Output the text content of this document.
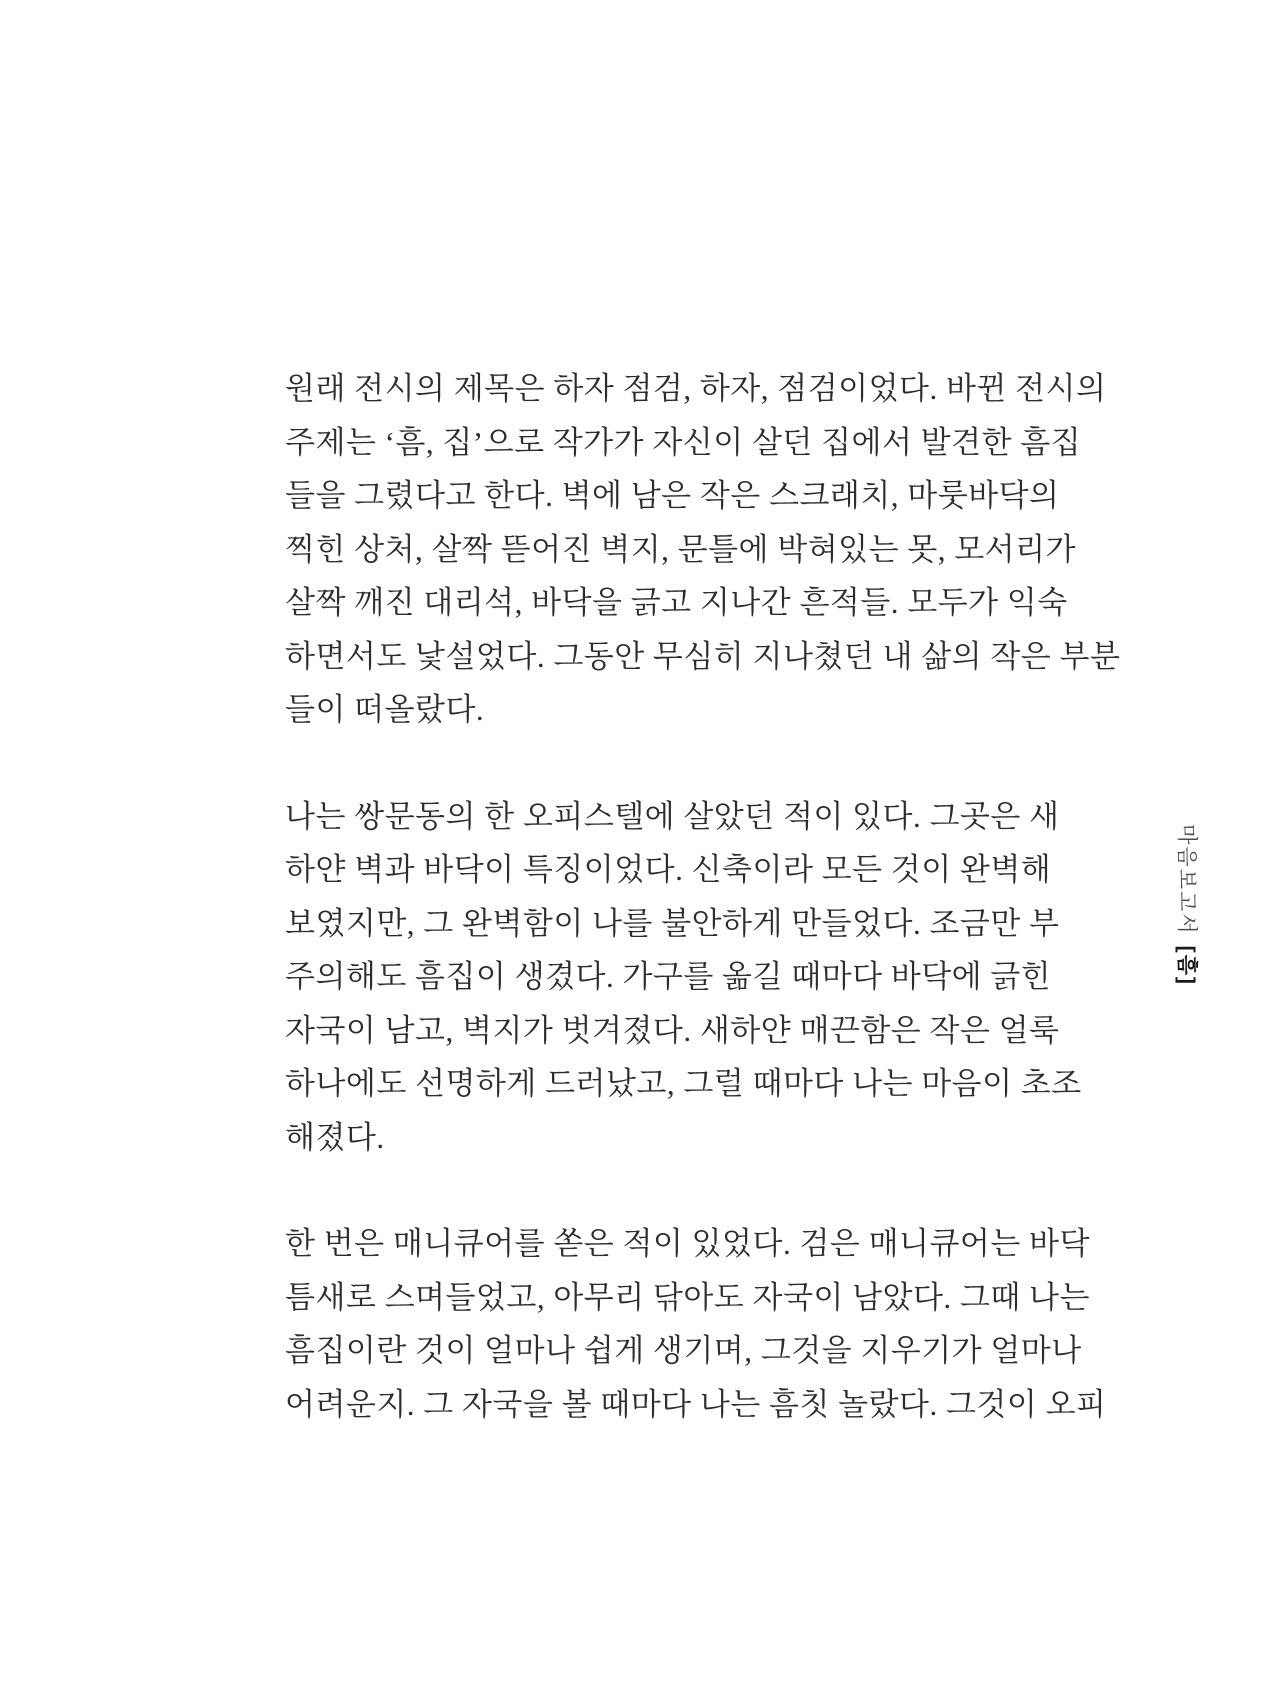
원래 전시의 제목은 하자 점검, 하자, 점검이었다. 바뀐 전시의
주제는 ‘흠, 집’으로 작가가 자신이 살던 집에서 발견한 흠집
들을 그렸다고 한다. 벽에 남은 작은 스크래치, 마룻바닥의
찍힌 상처, 살짝 뜯어진 벽지, 문틀에 박혀있는 못, 모서리가
살짝 깨진 대리석, 바닥을 긁고 지나간 흔적들. 모두가 익숙
하면서도 낯설었다. 그동안 무심히 지나쳤던 내 삶의 작은 부분
들이 떠올랐다.
나는 쌍문동의 한 오피스텔에 살았던 적이 있다. 그곳은 새
하얀 벽과 바닥이 특징이었다. 신축이라 모든 것이 완벽해
보였지만, 그 완벽함이 나를 불안하게 만들었다. 조금만 부
주의해도 흠집이 생겼다. 가구를 옮길 때마다 바닥에 긁힌
자국이 남고, 벽지가 벗겨졌다. 새하얀 매끈함은 작은 얼룩
하나에도 선명하게 드러났고, 그럴 때마다 나는 마음이 초조
해졌다.
한 번은 매니큐어를 쏟은 적이 있었다. 검은 매니큐어는 바닥
틈새로 스며들었고, 아무리 닦아도 자국이 남았다. 그때 나는
흠집이란 것이 얼마나 쉽게 생기며, 그것을 지우기가 얼마나
어려운지. 그 자국을 볼 때마다 나는 흠칫 놀랐다. 그것이 오피
마음보고서[흠]
